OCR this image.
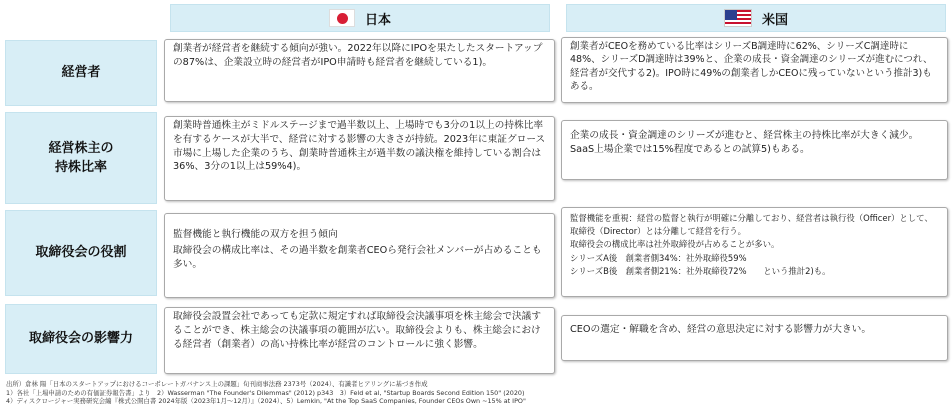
日本	米国
経営者

創業者が経営者を継続する傾向が強い。2022年以降にIPOを果たしたスタートアップの87%は、企業設立時の経営者がIPO申請時も経営者を継続している1)。

創業者がCEOを務めている比率はシリーズB調達時に62%、シリーズC調達時に48%、シリーズD調達時は39%と、企業の成長・資金調達のシリーズが進むにつれ、経営者が交代する2)。IPO時に49%の創業者しかCEOに残っていないという推計3)もある。

経営株主の
持株比率

創業時普通株主がミドルステージまで過半数以上、上場時でも3分の1以上の持株比率を有するケースが大半で、経営に対する影響の大きさが持続。2023年に東証グロース市場に上場した企業のうち、創業時普通株主が過半数の議決権を維持している割合は36%、3分の1以上は59%4)。

企業の成長・資金調達のシリーズが進むと、経営株主の持株比率が大きく減少。SaaS上場企業では15%程度であるとの試算5)もある。

取締役会の役割

監督機能と執行機能の双方を担う傾向

取締役会の構成比率は、その過半数を創業者CEOら発行会社メンバーが占めることも多い。

監督機能を重視：経営の監督と執行が明確に分離しており、経営者は執行役（Officer）として、取締役（Director）とは分離して経営を行う。

取締役会の構成比率は社外取締役が占めることが多い。

シリーズA後　創業者側34%：社外取締役59%

シリーズB後　創業者側21%：社外取締役72%　　という推計2)も。

取締役会の影響力

取締役会設置会社であっても定款に規定すれば取締役会決議事項を株主総会で決議することができ、株主総会の決議事項の範囲が広い。取締役会よりも、株主総会における経営者（創業者）の高い持株比率が経営のコントロールに強く影響。

CEOの選定・解職を含め、経営の意思決定に対する影響力が大きい。

出所）倉林 陽「日本のスタートアップにおけるコーポレートガバナンス上の課題」旬刊商事法務 2373号（2024）、有識者ヒアリングに基づき作成
1）各社「上場申請のための有価証券報告書」より　2）Wasserman "The Founder's Dilemmas" (2012) p343　3）Feld et al, "Startup Boards Second Edition 150" (2020)
4）ディスクロージャー実務研究会編『株式公開白書 2024年版（2023年1月〜12月）』（2024）、5）Lemkin, "At the Top SaaS Companies, Founder CEOs Own ~15% at IPO"
